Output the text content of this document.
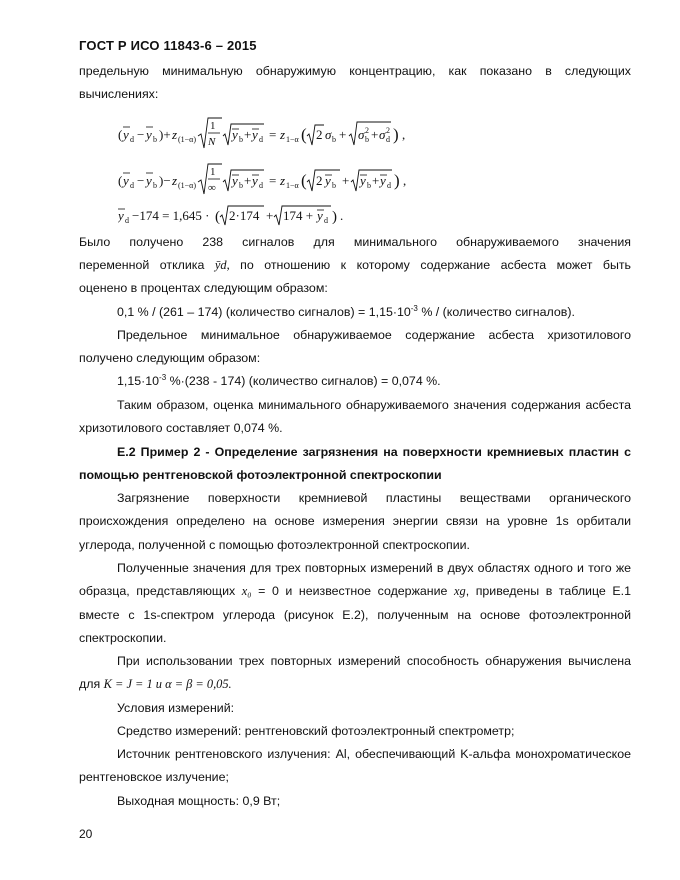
ГОСТ Р ИСО 11843-6 – 2015
предельную минимальную обнаружимую концентрацию, как показано в следующих вычислениях:
( y d − y b )+ z (1−α)
1
N y b + y d = z 1−α ( 2 σ b + σ 2
b + σ 2
d ) ,
( y d − y b )− z (1−α)
1
∞ y b + y d = z 1−α ( 2 y b + y b + y d ) ,
y d −174 = 1,645 · ( 2·174 + 174 + y d ) .
Было получено 238 сигналов для минимального обнаруживаемого значения
переменной отклика ȳd, по отношению к которому содержание асбеста может быть
оценено в процентах следующим образом:
0,1 % / (261 – 174) (количество сигналов) = $1,15\cdot 10^{-3}$ % / (количество сигналов).
Предельное минимальное обнаруживаемое содержание асбеста хризотилового получено следующим образом:
$1,15\cdot 10^{-3}$ %·(238 - 174) (количество сигналов) = 0,074 %.
Таким образом, оценка минимального обнаруживаемого значения содержания асбеста хризотилового составляет 0,074 %.
Е.2 Пример 2 - Определение загрязнения на поверхности кремниевых пластин с помощью рентгеновской фотоэлектронной спектроскопии
Загрязнение поверхности кремниевой пластины веществами органического происхождения определено на основе измерения энергии связи на уровне 1s орбитали углерода, полученной с помощью фотоэлектронной спектроскопии.
Полученные значения для трех повторных измерений в двух областях одного и того же образца, представляющих x₀ = 0 и неизвестное содержание xg, приведены в таблице Е.1 вместе с 1s-спектром углерода (рисунок Е.2), полученным на основе фотоэлектронной спектроскопии.
При использовании трех повторных измерений способность обнаружения вычислена для K = J = 1 и α = β = 0,05.
Условия измерений:
Средство измерений: рентгеновский фотоэлектронный спектрометр;
Источник рентгеновского излучения: Al, обеспечивающий K-альфа монохроматическое рентгеновское излучение;
Выходная мощность: 0,9 Вт;
20
